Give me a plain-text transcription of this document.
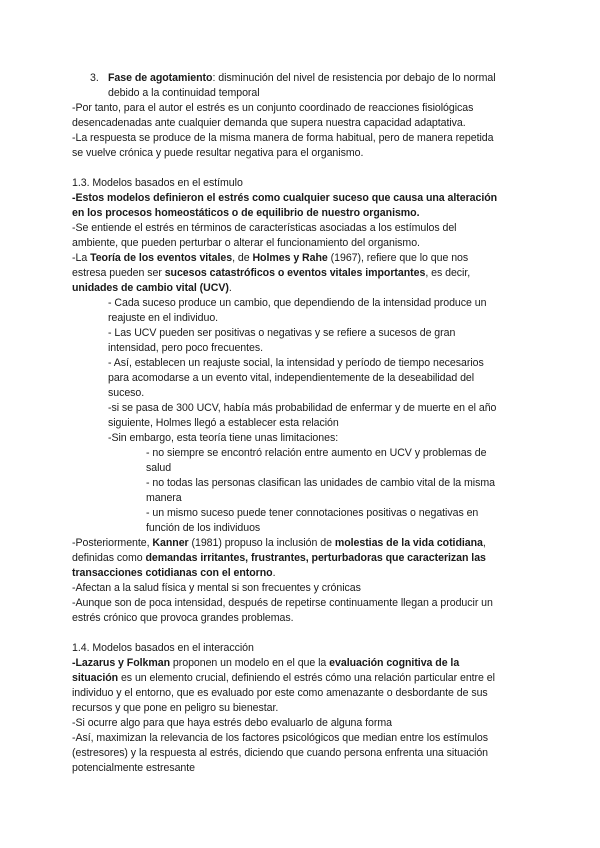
3. Fase de agotamiento: disminución del nivel de resistencia por debajo de lo normal
debido a la continuidad temporal
-Por tanto, para el autor el estrés es un conjunto coordinado de reacciones fisiológicas
desencadenadas ante cualquier demanda que supera nuestra capacidad adaptativa.
-La respuesta se produce de la misma manera de forma habitual, pero de manera repetida
se vuelve crónica y puede resultar negativa para el organismo.
1.3. Modelos basados en el estímulo
-Estos modelos definieron el estrés como cualquier suceso que causa una alteración
en los procesos homeostáticos o de equilibrio de nuestro organismo.
-Se entiende el estrés en términos de características asociadas a los estímulos del
ambiente, que pueden perturbar o alterar el funcionamiento del organismo.
-La Teoría de los eventos vitales, de Holmes y Rahe (1967), refiere que lo que nos
estresa pueden ser sucesos catastróficos o eventos vitales importantes, es decir,
unidades de cambio vital (UCV).
- Cada suceso produce un cambio, que dependiendo de la intensidad produce un
reajuste en el individuo.
- Las UCV pueden ser positivas o negativas y se refiere a sucesos de gran
intensidad, pero poco frecuentes.
- Así, establecen un reajuste social, la intensidad y período de tiempo necesarios
para acomodarse a un evento vital, independientemente de la deseabilidad del
suceso.
-si se pasa de 300 UCV, había más probabilidad de enfermar y de muerte en el año
siguiente, Holmes llegó a establecer esta relación
-Sin embargo, esta teoría tiene unas limitaciones:
- no siempre se encontró relación entre aumento en UCV y problemas de
salud
- no todas las personas clasifican las unidades de cambio vital de la misma
manera
- un mismo suceso puede tener connotaciones positivas o negativas en
función de los individuos
-Posteriormente, Kanner (1981) propuso la inclusión de molestias de la vida cotidiana,
definidas como demandas irritantes, frustrantes, perturbadoras que caracterizan las
transacciones cotidianas con el entorno.
-Afectan a la salud física y mental si son frecuentes y crónicas
-Aunque son de poca intensidad, después de repetirse continuamente llegan a producir un
estrés crónico que provoca grandes problemas.
1.4. Modelos basados en el interacción
-Lazarus y Folkman proponen un modelo en el que la evaluación cognitiva de la
situación es un elemento crucial, definiendo el estrés cómo una relación particular entre el
individuo y el entorno, que es evaluado por este como amenazante o desbordante de sus
recursos y que pone en peligro su bienestar.
-Si ocurre algo para que haya estrés debo evaluarlo de alguna forma
-Así, maximizan la relevancia de los factores psicológicos que median entre los estímulos
(estresores) y la respuesta al estrés, diciendo que cuando persona enfrenta una situación
potencialmente estresante
